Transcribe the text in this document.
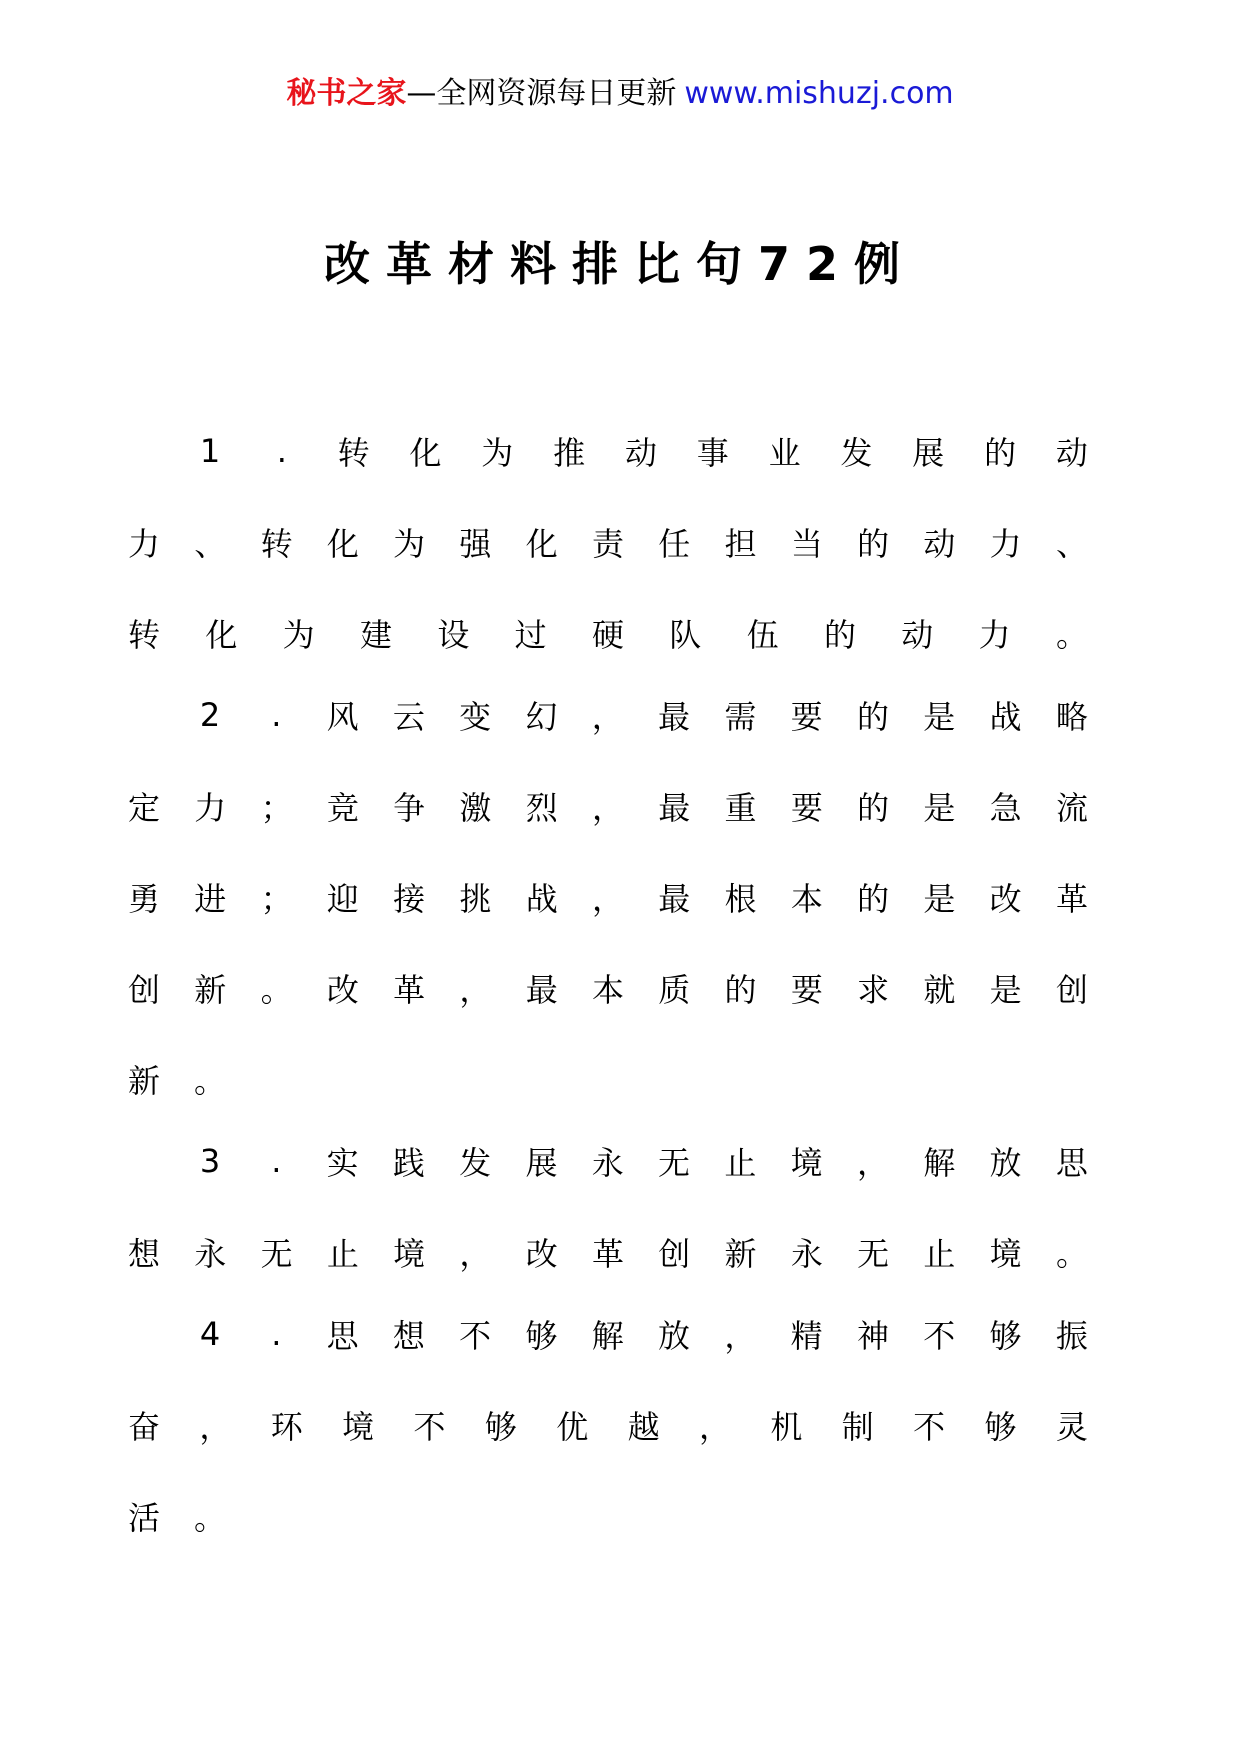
秘书之家—全网资源每日更新 www.mishuzj.com
改革材料排比句72例
1	.	转 化 为 推 动 事 业 发 展 的 动
力 、 转 化 为 强 化 责 任 担 当 的 动 力 、
转 化 为 建 设 过 硬 队 伍 的 动 力 。
2	.	风 云 变 幻 ， 最 需 要 的 是 战 略
定 力 ； 竞 争 激 烈 ， 最 重 要 的 是 急 流
勇 进 ； 迎 接 挑 战 ， 最 根 本 的 是 改 革
创 新 。 改 革 ， 最 本 质 的 要 求 就 是 创
新 。
3	.	实 践 发 展 永 无 止 境 ， 解 放 思
想 永 无 止 境 ， 改 革 创 新 永 无 止 境 。
4	.	思 想 不 够 解 放 ， 精 神 不 够 振
奋 ， 环 境 不 够 优 越 ， 机 制 不 够 灵
活 。
